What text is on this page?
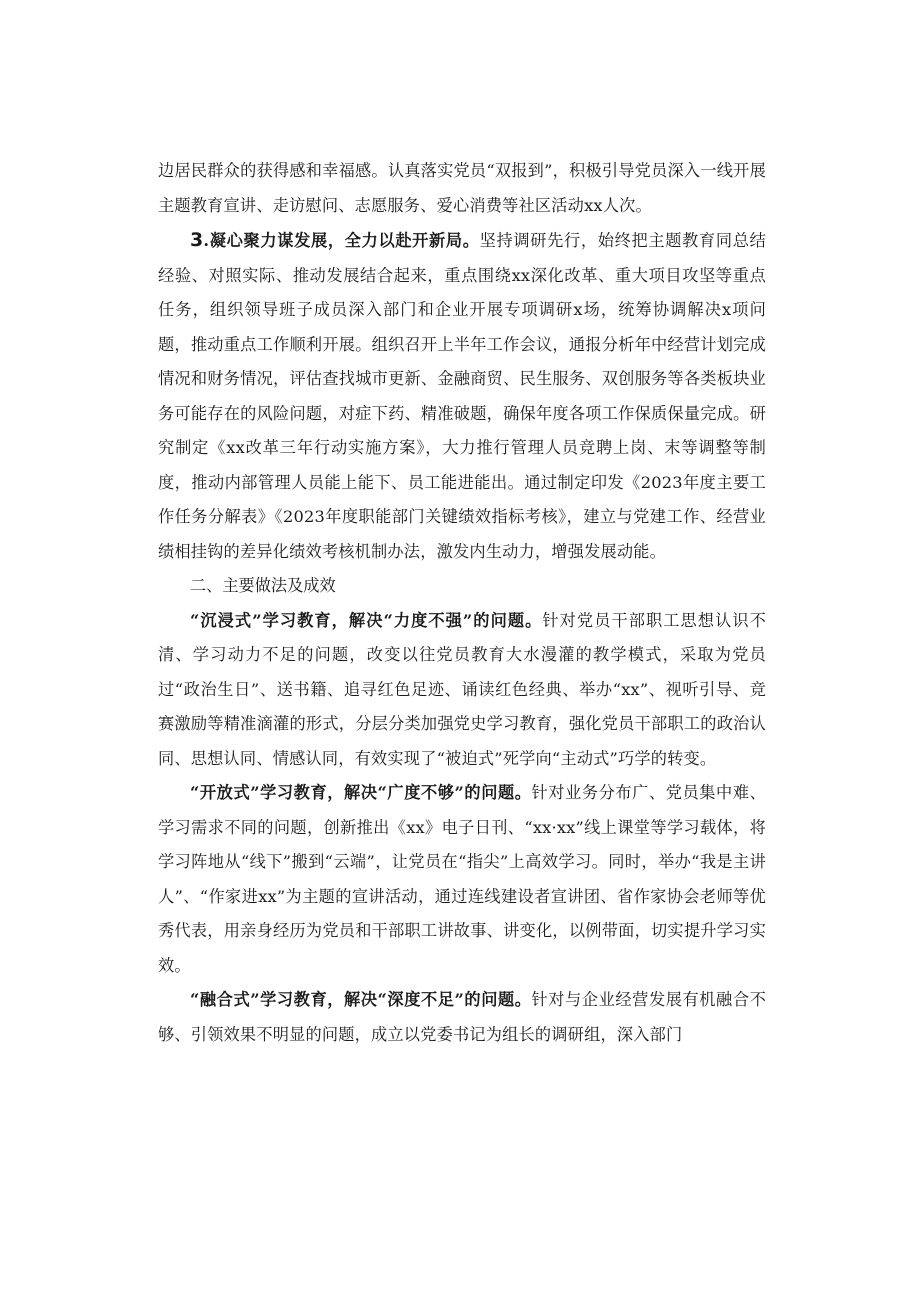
边居民群众的获得感和幸福感。认真落实党员“双报到”，积极引导党员深入一线开展主题教育宣讲、走访慰问、志愿服务、爱心消费等社区活动xx人次。

3.凝心聚力谋发展，全力以赴开新局。坚持调研先行，始终把主题教育同总结经验、对照实际、推动发展结合起来，重点围绕xx深化改革、重大项目攻坚等重点任务，组织领导班子成员深入部门和企业开展专项调研x场，统筹协调解决x项问题，推动重点工作顺利开展。组织召开上半年工作会议，通报分析年中经营计划完成情况和财务情况，评估查找城市更新、金融商贸、民生服务、双创服务等各类板块业务可能存在的风险问题，对症下药、精准破题，确保年度各项工作保质保量完成。研究制定《xx改革三年行动实施方案》，大力推行管理人员竞聘上岗、末等调整等制度，推动内部管理人员能上能下、员工能进能出。通过制定印发《2023年度主要工作任务分解表》《2023年度职能部门关键绩效指标考核》，建立与党建工作、经营业绩相挂钩的差异化绩效考核机制办法，激发内生动力，增强发展动能。

二、主要做法及成效

“沉浸式”学习教育，解决“力度不强”的问题。针对党员干部职工思想认识不清、学习动力不足的问题，改变以往党员教育大水漫灌的教学模式，采取为党员过“政治生日”、送书籍、追寻红色足迹、诵读红色经典、举办“xx”、视听引导、竞赛激励等精准滴灌的形式，分层分类加强党史学习教育，强化党员干部职工的政治认同、思想认同、情感认同，有效实现了“被迫式”死学向“主动式”巧学的转变。

“开放式”学习教育，解决“广度不够”的问题。针对业务分布广、党员集中难、学习需求不同的问题，创新推出《xx》电子日刊、“xx·xx”线上课堂等学习载体，将学习阵地从“线下”搬到“云端”，让党员在“指尖”上高效学习。同时，举办“我是主讲人”、“作家进xx”为主题的宣讲活动，通过连线建设者宣讲团、省作家协会老师等优秀代表，用亲身经历为党员和干部职工讲故事、讲变化，以例带面，切实提升学习实效。

“融合式”学习教育，解决“深度不足”的问题。针对与企业经营发展有机融合不够、引领效果不明显的问题，成立以党委书记为组长的调研组，深入部门
